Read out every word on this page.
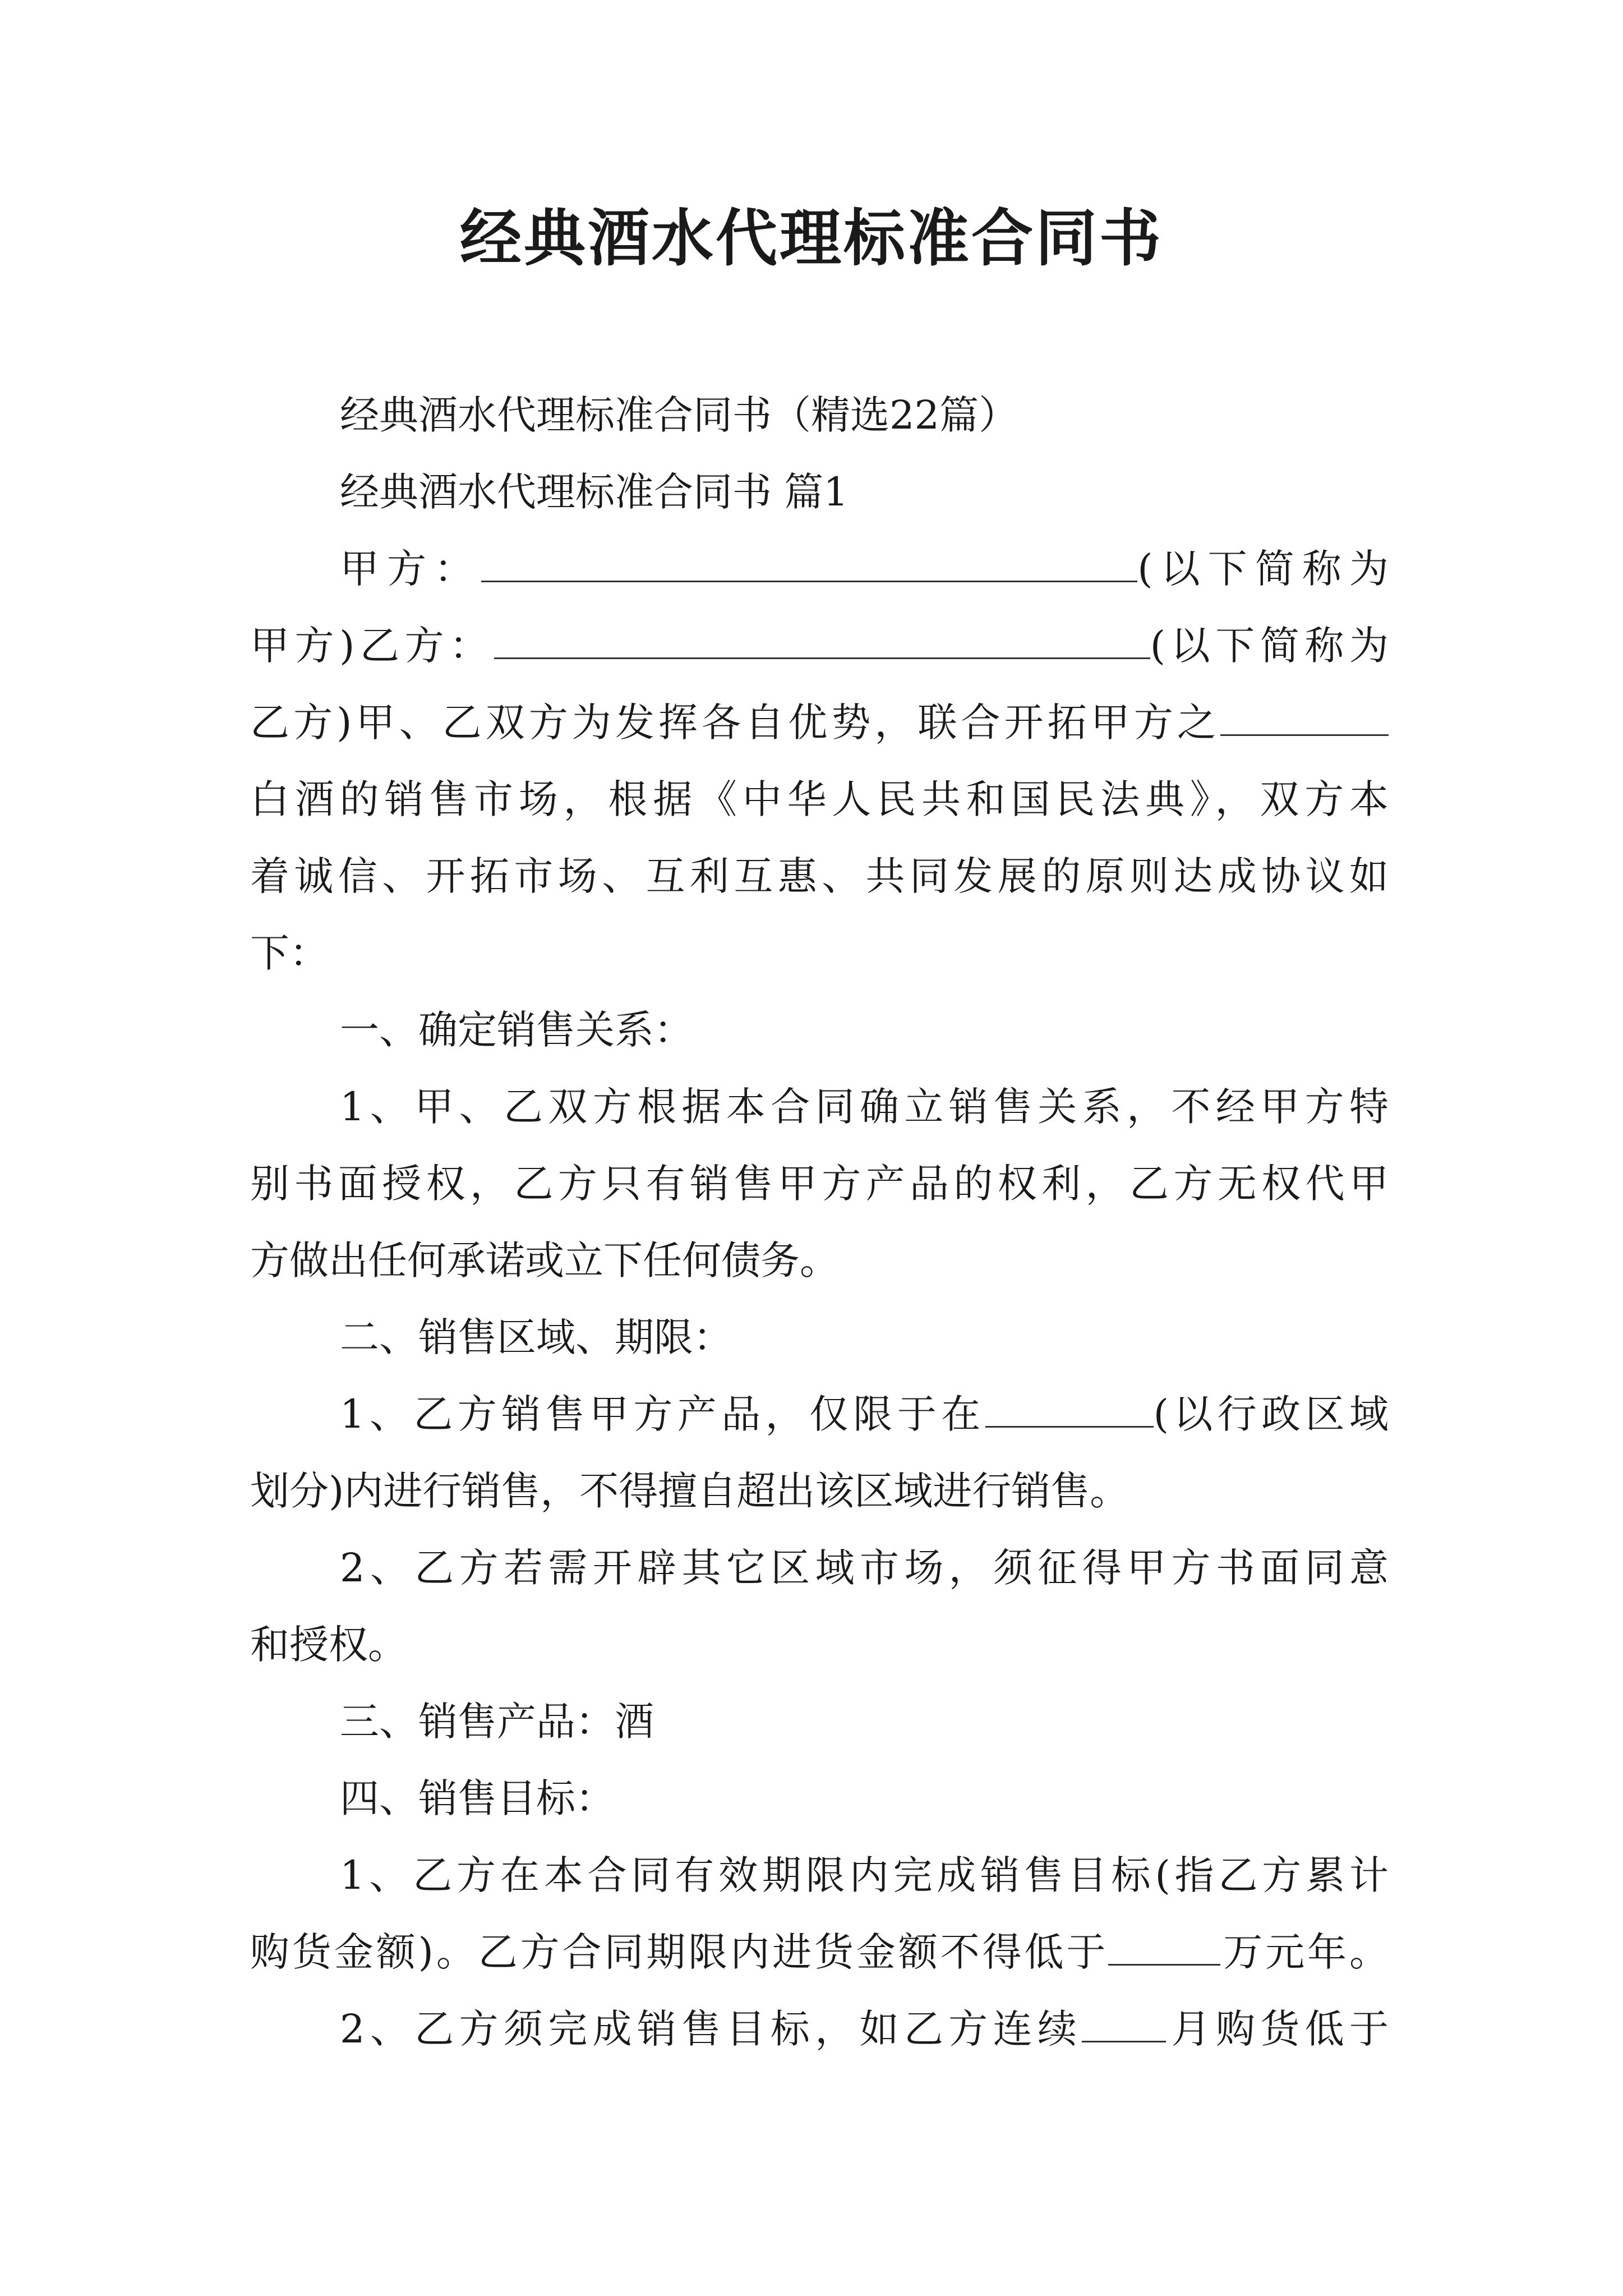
经典酒水代理标准合同书
经典酒水代理标准合同书（精选22篇）
经典酒水代理标准合同书 篇1
甲方：	(以下简称为
甲方)乙方：	(以下简称为
乙方)甲、乙双方为发挥各自优势，联合开拓甲方之
白酒的销售市场，根据《中华人民共和国民法典》，双方本
着诚信、开拓市场、互利互惠、共同发展的原则达成协议如
下：
一、确定销售关系：
1、甲、乙双方根据本合同确立销售关系，不经甲方特
别书面授权，乙方只有销售甲方产品的权利，乙方无权代甲
方做出任何承诺或立下任何债务。
二、销售区域、期限：
1、乙方销售甲方产品，仅限于在	(以行政区域
划分)内进行销售，不得擅自超出该区域进行销售。
2、乙方若需开辟其它区域市场，须征得甲方书面同意
和授权。
三、销售产品：酒
四、销售目标：
1、乙方在本合同有效期限内完成销售目标(指乙方累计
购货金额)。乙方合同期限内进货金额不得低于	万元年。
2、乙方须完成销售目标，如乙方连续 月购货低于
